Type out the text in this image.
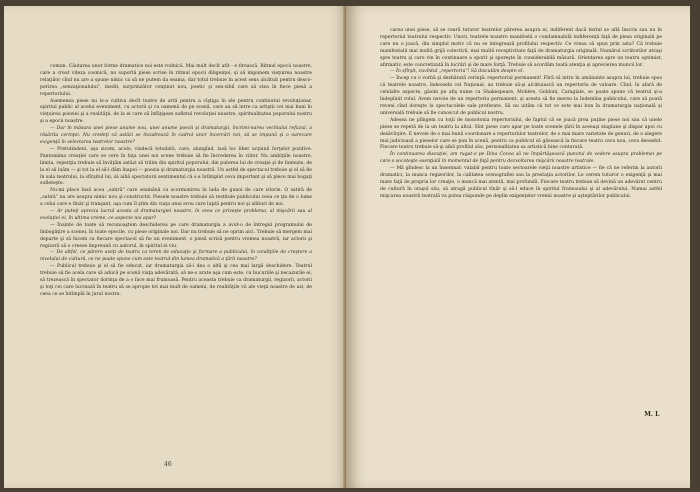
comun. Căutarea unor forme dramatice noi este rodnică. Mai mult decît atît - e firească. Ritmul epocii noastre, care a creat viteza cosmică, nu suportă piese scrise în ritmul epocii diligenţei, şi să impunem vieţuirea noastre relaţiilor cînd nu are a spune nimic ca să ne putem da seama, dar totul trebuie în acest sens alcătuit pentru desco-perirea „senzaţionalului”, inedit, surprinzător conţinut nou, poetic şi sen-sibil care să stea în fiece piesă a repertoriului.

Asemenea piese nu le-a cultiva decît teatre de artă pentru a cîştiga în ele pentru continutul revoluţionar, spiritul public al acelui eveniment, cu actorii şi cu oamenii de pe scenă, care au să intre ca artiştii cei mai buni în vieţuirea poeziei şi a realităţii, de la ei care să înfăţişeze sufletul revoluţiei noastre, spiritualitatea poporului nostru şi a epocii noastre.

— Dar în măsura unei piese anume nou, unei anume poezii şi dramaturgii, încrimi-narea vechiului refuzul, a răsărita cerinţei. Nu credeţi că astăzi se încadrează în cadrul unor încercări noi, să se impună şi o oarecare exigenţă în selectarea teatrelor noastre?

— Pretutindeni, aşa zicem, acolo, vindecă totodată, care, alungînd, lasă loc liber acţiunii forţelor pozitive. Pantomima creaţiei care se cere în faţa unei noi scene trebuie să fie încrederea în viitor. Nu ambiţiile noastre, limita, repetiţia trebuie să învăţăm astăzi să trăim din spiritul poporului, din puterea lui de creaţie şi de fantezie, de la el să luăm — şi tot la el să-l dăm înapoi — poezia şi dramaturgia noastră. Un astfel de spectacol trebuie şi el să fie în sala teatrului, la sfîrşitul lui, să aibă spectatorii sentimentul că s-a întîmplat ceva important şi să plece mai bogaţi sufleteşte.

Nu-mi place însă acea „satiră” care seamănă cu scormonirea în lada de gunoi de care istorie. O satiră de „satiră” nu are asupra nimic nou şi constructiv. Piesele noastre trebuie să restituie publicului ceea ce ţin de o lume a celui care e tînăr şi tranşant, aşa cum îl ştim din viaţa unui erou care luptă pentru noi şi alături de noi.

— Ar puteţi aprecia lucrul acesta al dramaturgiei noastre, în ceea ce priveşte problema, al mişcării sau al evoluţiei ei, în ultima vreme, ce aspecte noi apar?

— Înainte de toate să recunoaştem deschiderea pe care dramaturgia a avut-o de întregul programului de îmbogăţire a scenei, în toate epocile, cu piese originale noi. Dar nu trebuie să ne oprim aici. Trebuie să mergem mai departe şi să facem ca fiecare spectacol să fie un eveniment, o piesă scrisă pentru vremea noastră, iar actorii şi regizorii să o creeze împreună cu autorul, în spiritul ei viu.

— De altfel, ce părere aveţi de teatru ca teren de educaţie şi formare a publicului, în condiţiile de creştere a nivelului de cultură, ce ne poate spune cum este teatrul din lumea dramatică a ţării noastre?

— Publicul trebuie şi el să fie educat, iar dramaturgia să-i dea o altă şi cea mai largă deschidere. Teatrul trebuie să fie acela care să aducă pe scenă viaţa adevărată, să ne-o arate aşa cum este, cu bucuriile şi necazurile ei, să trezească în spectator dorinţa de a o face mai frumoasă. Pentru aceasta trebuie ca dramaturgii, regizorii, actorii şi toţi cei care lucrează în teatru să se apropie tot mai mult de oameni, de realităţile vii ale vieţii noastre de azi, de ceea ce se întîmplă în jurul nostru.

46

carea unei piese, să se ceară tuturor teatrelor părerea asupra ei, indiferent dacă textul se află înscris sau nu în repertoriul teatrului respectiv. Unori, teatrele noastre manifestă o condamnabilă indiferenţă faţă de piesa originală pe care nu o joacă, din simplul motiv că nu se integrează profilului respectiv. Ce vreau să spun prin asta? Că trebuie manifestată mai multă grijă colectivă, mai multă receptivitate faţă de dramaturgia originală. Numărul scriitorilor atraşi spre teatru şi care vin în continuare a sporit şi sporeşte în considerabilă măsură. Orientarea spre un teatru optimist, afirmativ, este concretizată în lucrări şi de mare forţă. Trebuie să acordăm toată atenţia şi aprecierea muncii lor.

— În sfîrşit, cuvîntul „repertoriu”! Să discutăm despre el.

— Încep cu o vorbă şi dezbătută cerinţă: repertoriul permanent! Fără să intru în amănunte asupra lui, trebuie spus că teatrele noastre, îndeosebi cel Naţional, au trebuie să-şi alcătuiască un repertoriu de valoare. Cînd, în afară de celelalte aspecte, găsim pe afiş nume ca Shakespeare, Molière, Goldoni, Caragiale, se poate spune că teatrul şi-a îndeplinit rolul. Avem nevoie de un repertoriu permanent, şi acesta să fie mereu la îndemîna publicului, care să poată reveni cînd doreşte la spectacolele sale preferate. Să nu uităm că tot ce este mai bun în dramaturgia naţională şi universală trebuie să fie cunoscut de publicul nostru.

Adesea ne plîngem cu toţii de monotonia repertoriului, de faptul că se joacă prea puţine piese noi sau că unele piese se repetă de la un teatru la altul. Sînt piese care apar pe toate scenele ţării în aceeaşi stagiune şi dispar apoi cu desăvîrşire. E nevoie de o mai bună coordonare a repertoriilor teatrelor, de o mai mare varietate de genuri, de o alegere mai judicioasă a pieselor care se pun în scenă, pentru ca publicul să găsească la fiecare teatru ceva nou, ceva deosebit. Fiecare teatru trebuie să-şi aibă profilul său, personalitatea sa artistică bine conturată.

În continuarea discuţiei, am rugat-o pe Dina Cocea să ne împărtăşească punctul de vedere asupra problemei pe care o socoteşte esenţială în momentul de faţă pentru dezvoltarea mişcării noastre teatrale.

— Mă gîndesc la un însemnat: valabil pentru toate sectoarele vieţii noastre artistice — fie că ne referim la autorii dramatici, la munca regizorilor, la calitatea scenografiei sau la prestaţia actorilor. Le cerem tuturor o exigenţă şi mai mare faţă de propria lor creaţie, o muncă mai atentă, mai profundă. Fiecare teatru trebuie să devină un adevărat centru de cultură în oraşul său, să atragă publicul tînăr şi să-l educe în spiritul frumosului şi al adevărului. Numai astfel mişcarea noastră teatrală va putea răspunde pe deplin exigenţelor vremii noastre şi aşteptărilor publicului.

M. I.
